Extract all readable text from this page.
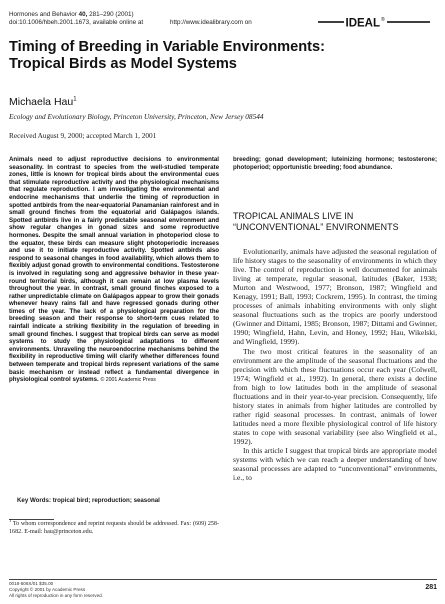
Hormones and Behavior 40, 281–290 (2001)
doi:10.1006/hbeh.2001.1673, available online at	http://www.idealibrary.com on	IDEAL ®
Timing of Breeding in Variable Environments:
Tropical Birds as Model Systems
Michaela Hau$^1$
Ecology and Evolutionary Biology, Princeton University, Princeton, New Jersey 08544
Received August 9, 2000; accepted March 1, 2001
Animals need to adjust reproductive decisions to environmental seasonality. In contrast to species from the well-studied temperate zones, little is known for tropical birds about the environmental cues that stimulate reproductive activity and the physiological mechanisms that regulate reproduction. I am investigating the environmental and endocrine mechanisms that underlie the timing of reproduction in spotted antbirds from the near-equatorial Panamanian rainforest and in small ground finches from the equatorial arid Galápagos islands. Spotted antbirds live in a fairly predictable seasonal environment and show regular changes in gonad sizes and some reproductive hormones. Despite the small annual variation in photoperiod close to the equator, these birds can measure slight photoperiodic increases and use it to initiate reproductive activity. Spotted antbirds also respond to seasonal changes in food availability, which allows them to flexibly adjust gonad growth to environmental conditions. Testosterone is involved in regulating song and aggressive behavior in these year-round territorial birds, although it can remain at low plasma levels throughout the year. In contrast, small ground finches exposed to a rather unpredictable climate on Galápagos appear to grow their gonads whenever heavy rains fall and have regressed gonads during other times of the year. The lack of a physiological preparation for the breeding season and their response to short-term cues related to rainfall indicate a striking flexibility in the regulation of breeding in small ground finches. I suggest that tropical birds can serve as model systems to study the physiological adaptations to different environments. Unraveling the neuroendocrine mechanisms behind the flexibility in reproductive timing will clarify whether differences found between temperate and tropical birds represent variations of the same basic mechanism or instead reflect a fundamental divergence in physiological control systems. © 2001 Academic Press
Key Words: tropical bird; reproduction; seasonal
breeding; gonad development; luteinizing hormone; testosterone; photoperiod; opportunistic breeding; food abundance.
$^1$ To whom correspondence and reprint requests should be addressed. Fax: (609) 258-1682. E-mail: hau@princeton.edu.
TROPICAL ANIMALS LIVE IN
“UNCONVENTIONAL” ENVIRONMENTS

Evolutionarily, animals have adjusted the seasonal regulation of life history stages to the seasonality of environments in which they live. The control of reproduction is well documented for animals living at temperate, regular seasonal, latitudes (Baker, 1938; Murton and Westwood, 1977; Bronson, 1987; Wingfield and Kenagy, 1991; Ball, 1993; Cockrem, 1995). In contrast, the timing processes of animals inhabiting environments with only slight seasonal fluctuations such as the tropics are poorly understood (Gwinner and Dittami, 1985; Bronson, 1987; Dittami and Gwinner, 1990; Wingfield, Hahn, Levin, and Honey, 1992; Hau, Wikelski, and Wingfield, 1999).

The two most critical features in the seasonality of an environment are the amplitude of the seasonal fluctuations and the precision with which these fluctuations occur each year (Colwell, 1974; Wingfield et al., 1992). In general, there exists a decline from high to low latitudes both in the amplitude of seasonal fluctuations and in their year-to-year precision. Consequently, life history states in animals from higher latitudes are controlled by rather rigid seasonal processes. In contrast, animals of lower latitudes need a more flexible physiological control of life history states to cope with seasonal variability (see also Wingfield et al., 1992).

In this article I suggest that tropical birds are appropriate model systems with which we can reach a deeper understanding of how seasonal processes are adapted to “unconventional” environments, i.e., to

0018-506X/01 $35.00
Copyright © 2001 by Academic Press
All rights of reproduction in any form reserved.
281
